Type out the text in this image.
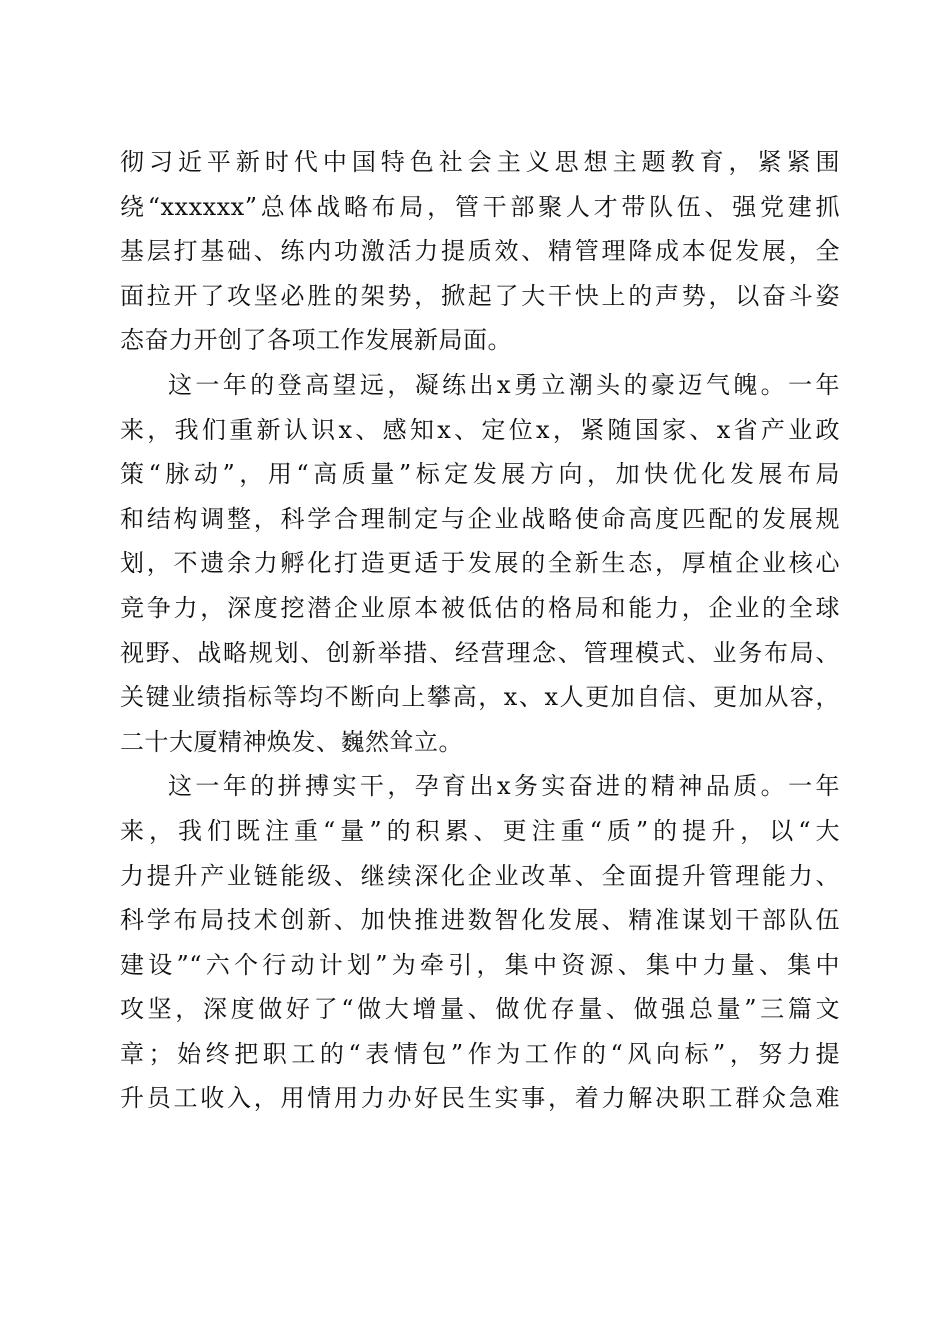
彻习近平新时代中国特色社会主义思想主题教育，紧紧围
绕“xxxxxx”总体战略布局，管干部聚人才带队伍、强党建抓
基层打基础、练内功激活力提质效、精管理降成本促发展，全
面拉开了攻坚必胜的架势，掀起了大干快上的声势，以奋斗姿
态奋力开创了各项工作发展新局面。
这一年的登高望远，凝练出x勇立潮头的豪迈气魄。一年
来，我们重新认识x、感知x、定位x，紧随国家、x省产业政
策“脉动”，用“高质量”标定发展方向，加快优化发展布局
和结构调整，科学合理制定与企业战略使命高度匹配的发展规
划，不遗余力孵化打造更适于发展的全新生态，厚植企业核心
竞争力，深度挖潜企业原本被低估的格局和能力，企业的全球
视野、战略规划、创新举措、经营理念、管理模式、业务布局、
关键业绩指标等均不断向上攀高，x、x人更加自信、更加从容，
二十大厦精神焕发、巍然耸立。
这一年的拼搏实干，孕育出x务实奋进的精神品质。一年
来，我们既注重“量”的积累、更注重“质”的提升，以“大
力提升产业链能级、继续深化企业改革、全面提升管理能力、
科学布局技术创新、加快推进数智化发展、精准谋划干部队伍
建设”“六个行动计划”为牵引，集中资源、集中力量、集中
攻坚，深度做好了“做大增量、做优存量、做强总量”三篇文
章；始终把职工的“表情包”作为工作的“风向标”，努力提
升员工收入，用情用力办好民生实事，着力解决职工群众急难
